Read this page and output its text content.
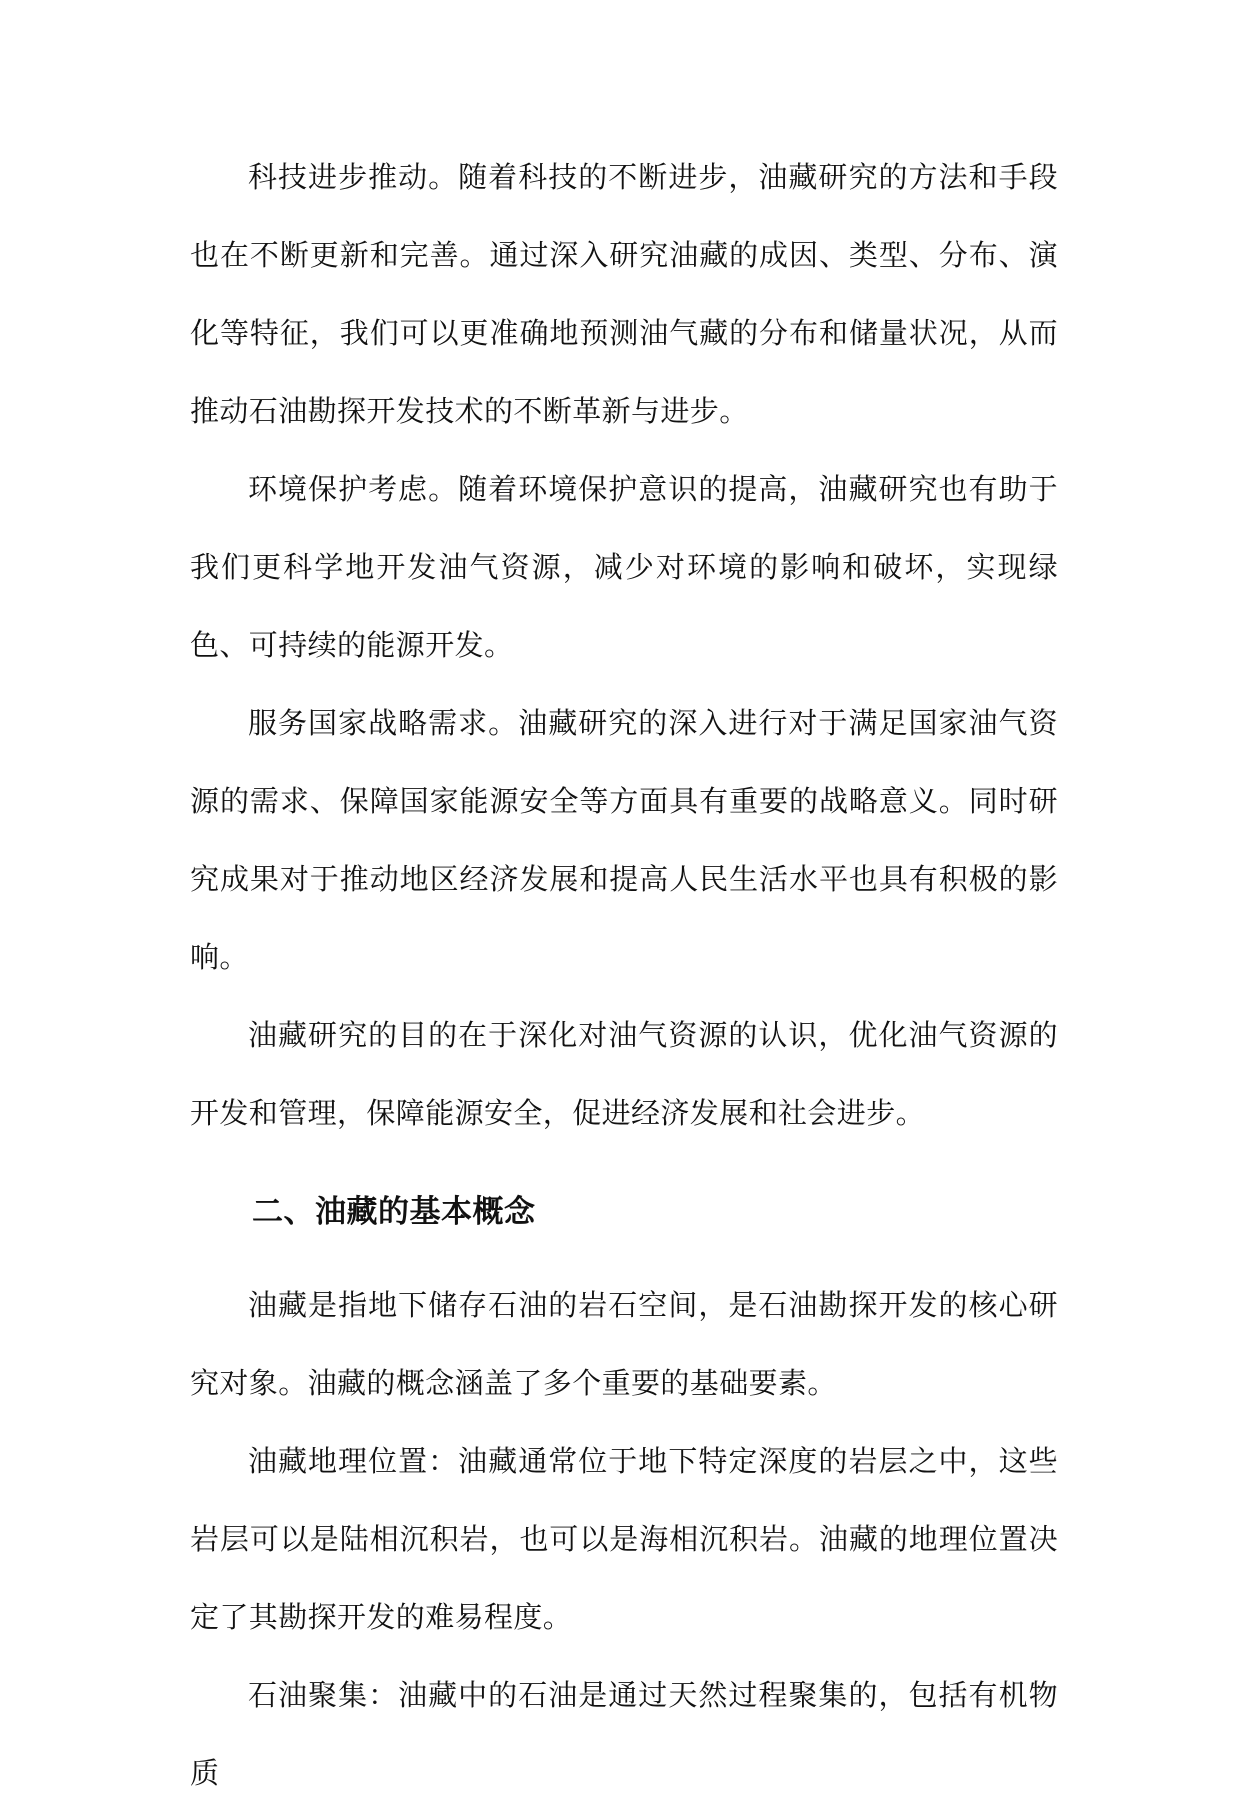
科技进步推动。随着科技的不断进步，油藏研究的方法和手段也在不断更新和完善。通过深入研究油藏的成因、类型、分布、演化等特征，我们可以更准确地预测油气藏的分布和储量状况，从而推动石油勘探开发技术的不断革新与进步。

环境保护考虑。随着环境保护意识的提高，油藏研究也有助于我们更科学地开发油气资源，减少对环境的影响和破坏，实现绿色、可持续的能源开发。

服务国家战略需求。油藏研究的深入进行对于满足国家油气资源的需求、保障国家能源安全等方面具有重要的战略意义。同时研究成果对于推动地区经济发展和提高人民生活水平也具有积极的影响。

油藏研究的目的在于深化对油气资源的认识，优化油气资源的开发和管理，保障能源安全，促进经济发展和社会进步。

二、油藏的基本概念

油藏是指地下储存石油的岩石空间，是石油勘探开发的核心研究对象。油藏的概念涵盖了多个重要的基础要素。

油藏地理位置：油藏通常位于地下特定深度的岩层之中，这些岩层可以是陆相沉积岩，也可以是海相沉积岩。油藏的地理位置决定了其勘探开发的难易程度。

石油聚集：油藏中的石油是通过天然过程聚集的，包括有机物质
